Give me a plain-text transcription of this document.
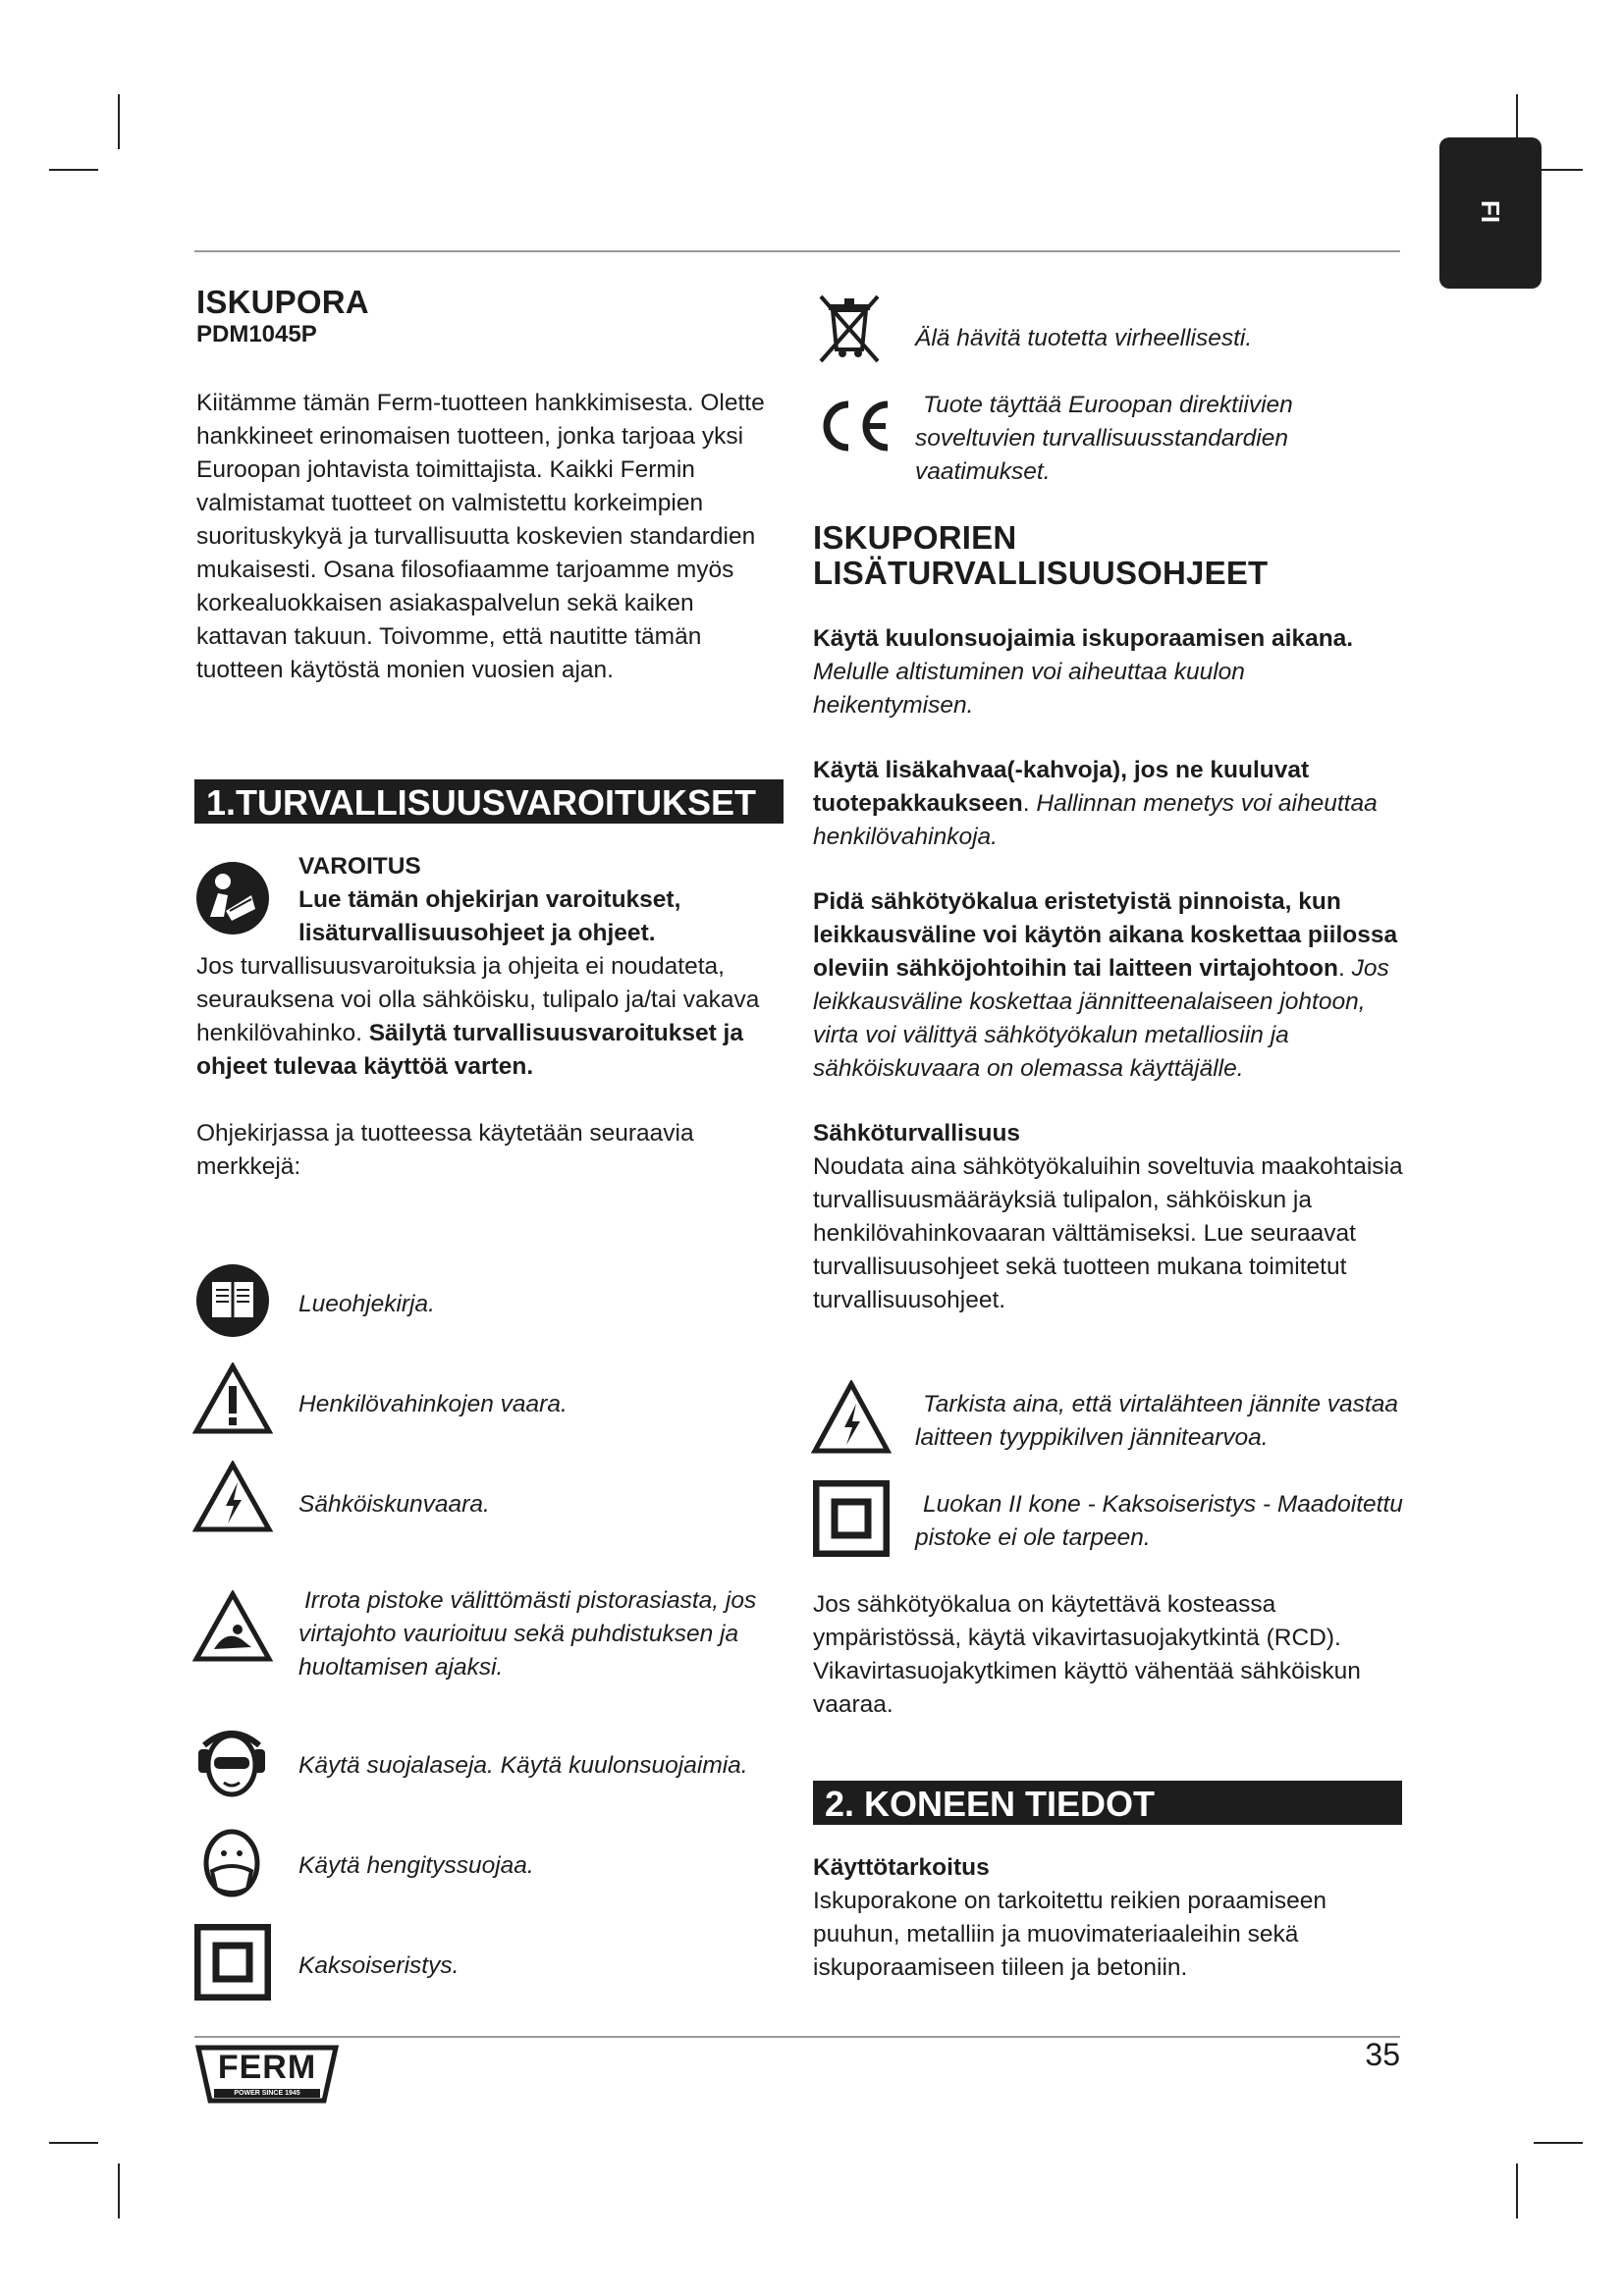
FI
ISKUPORA
PDM1045P

Kiitämme tämän Ferm-tuotteen hankkimisesta. Olette hankkineet erinomaisen tuotteen, jonka tarjoaa yksi Euroopan johtavista toimittajista. Kaikki Fermin valmistamat tuotteet on valmistettu korkeimpien suorituskykyä ja turvallisuutta koskevien standardien mukaisesti. Osana filosofiaamme tarjoamme myös korkealuokkaisen asiakaspalvelun sekä kaiken kattavan takuun. Toivomme, että nautitte tämän tuotteen käytöstä monien vuosien ajan.

1.TURVALLISUUSVAROITUKSET
VAROITUS
Lue tämän ohjekirjan varoitukset, lisäturvallisuusohjeet ja ohjeet.

Jos turvallisuusvaroituksia ja ohjeita ei noudateta, seurauksena voi olla sähköisku, tulipalo ja/tai vakava henkilövahinko. Säilytä turvallisuusvaroitukset ja ohjeet tulevaa käyttöä varten.

Ohjekirjassa ja tuotteessa käytetään seuraavia merkkejä:

Lueohjekirja.
Henkilövahinkojen vaara.
Sähköiskunvaara.
Irrota pistoke välittömästi pistorasiasta, jos virtajohto vaurioituu sekä puhdistuksen ja huoltamisen ajaksi.
Käytä suojalaseja. Käytä kuulonsuojaimia.
Käytä hengityssuojaa.
Kaksoiseristys.
Älä hävitä tuotetta virheellisesti.
Tuote täyttää Euroopan direktiivien soveltuvien turvallisuusstandardien vaatimukset.
ISKUPORIEN
LISÄTURVALLISUUSOHJEET

Käytä kuulonsuojaimia iskuporaamisen aikana. Melulle altistuminen voi aiheuttaa kuulon heikentymisen.

Käytä lisäkahvaa(-kahvoja), jos ne kuuluvat tuotepakkaukseen. Hallinnan menetys voi aiheuttaa henkilövahinkoja.

Pidä sähkötyökalua eristetyistä pinnoista, kun leikkausväline voi käytön aikana koskettaa piilossa oleviin sähköjohtoihin tai laitteen virtajohtoon. Jos leikkausväline koskettaa jännitteenalaiseen johtoon, virta voi välittyä sähkötyökalun metalliosiin ja sähköiskuvaara on olemassa käyttäjälle.

Sähköturvallisuus

Noudata aina sähkötyökaluihin soveltuvia maakohtaisia turvallisuusmääräyksiä tulipalon, sähköiskun ja henkilövahinkovaaran välttämiseksi. Lue seuraavat turvallisuusohjeet sekä tuotteen mukana toimitetut turvallisuusohjeet.

Tarkista aina, että virtalähteen jännite vastaa laitteen tyyppikilven jännitearvoa.
Luokan II kone - Kaksoiseristys - Maadoitettu pistoke ei ole tarpeen.
Jos sähkötyökalua on käytettävä kosteassa ympäristössä, käytä vikavirtasuojakytkintä (RCD). Vikavirtasuojakytkimen käyttö vähentää sähköiskun vaaraa.
2. KONEEN TIEDOT

Käyttötarkoitus

Iskuporakone on tarkoitettu reikien poraamiseen puuhun, metalliin ja muovimateriaaleihin sekä iskuporaamiseen tiileen ja betoniin.

FERM
POWER SINCE 1945
35
